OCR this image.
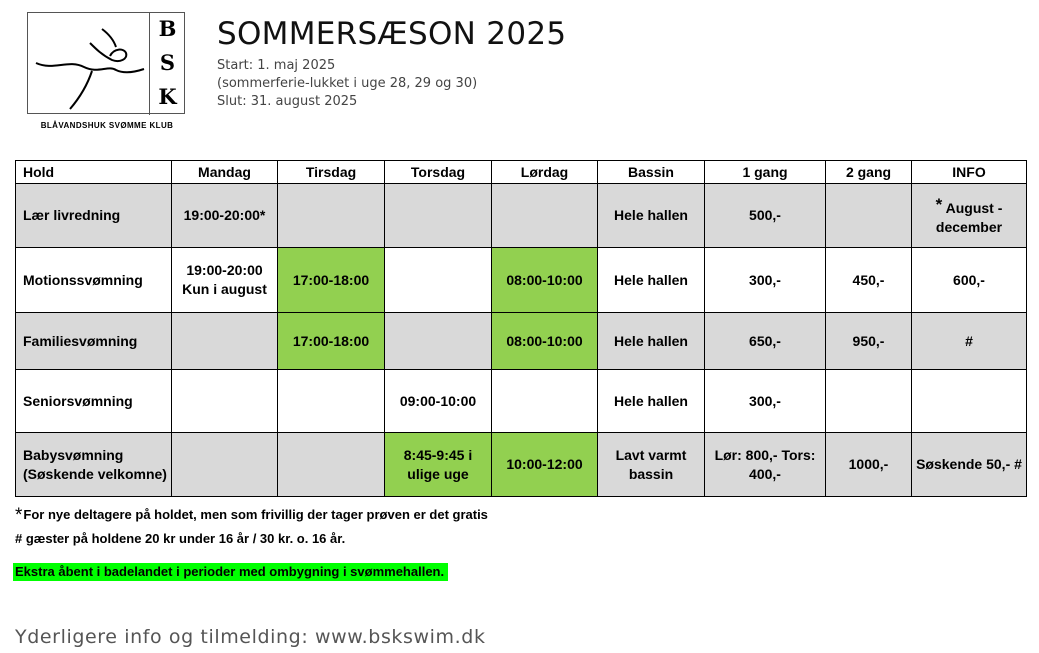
B
S
K
BLÅVANDSHUK SVØMME KLUB
SOMMERSÆSON 2025
Start: 1. maj 2025
(sommerferie-lukket i uge 28, 29 og 30)
Slut: 31. august 2025
Hold	Mandag	Tirsdag	Torsdag	Lørdag	Bassin	1 gang	2 gang	INFO
Lær livredning	19:00-20:00*				Hele hallen	500,-		* August - december
Motionssvømning	19:00-20:00 Kun i august	17:00-18:00		08:00-10:00	Hele hallen	300,-	450,-	600,-
Familiesvømning		17:00-18:00		08:00-10:00	Hele hallen	650,-	950,-	#
Seniorsvømning			09:00-10:00		Hele hallen	300,-		
Babysvømning (Søskende velkomne)			8:45-9:45 i ulige uge	10:00-12:00	Lavt varmt bassin	Lør: 800,- Tors: 400,-	1000,-	Søskende 50,- #
*For nye deltagere på holdet, men som frivillig der tager prøven er det gratis
# gæster på holdene 20 kr under 16 år / 30 kr. o. 16 år.
Ekstra åbent i badelandet i perioder med ombygning i svømmehallen.
Yderligere info og tilmelding: www.bskswim.dk
